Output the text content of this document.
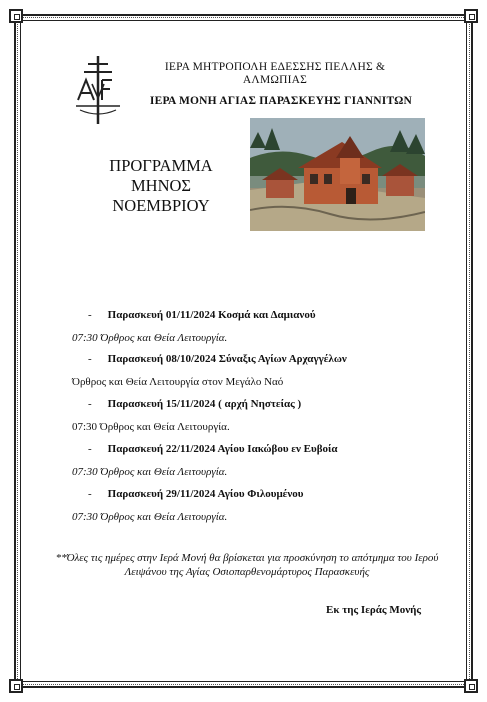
ΙΕΡΑ ΜΗΤΡΟΠΟΛΗ ΕΔΕΣΣΗΣ ΠΕΛΛΗΣ &
ΑΛΜΩΠΙΑΣ
ΙΕΡΑ ΜΟΝΗ ΑΓΙΑΣ ΠΑΡΑΣΚΕΥΗΣ ΓΙΑΝΝΙΤΩΝ
ΠΡΟΓΡΑΜΜΑ
ΜΗΝΟΣ
ΝΟΕΜΒΡΙΟΥ
- Παρασκευή 01/11/2024 Κοσμά και Δαμιανού
07:30 Όρθρος και Θεία Λειτουργία.
- Παρασκευή 08/10/2024 Σύναξις Αγίων Αρχαγγέλων
Όρθρος και Θεία Λειτουργία στον Μεγάλο Ναό
- Παρασκευή 15/11/2024 ( αρχή Νηστείας )
07:30 Όρθρος και Θεία Λειτουργία.
- Παρασκευή 22/11/2024 Αγίου Ιακώβου εν Ευβοία
07:30 Όρθρος και Θεία Λειτουργία.
- Παρασκευή 29/11/2024 Αγίου Φιλουμένου
07:30 Όρθρος και Θεία Λειτουργία.
**Όλες τις ημέρες στην Ιερά Μονή θα βρίσκεται για προσκύνηση το απότμημα του Ιερού Λειψάνου της Αγίας Οσιοπαρθενομάρτυρος Παρασκευής
Εκ της Ιεράς Μονής
